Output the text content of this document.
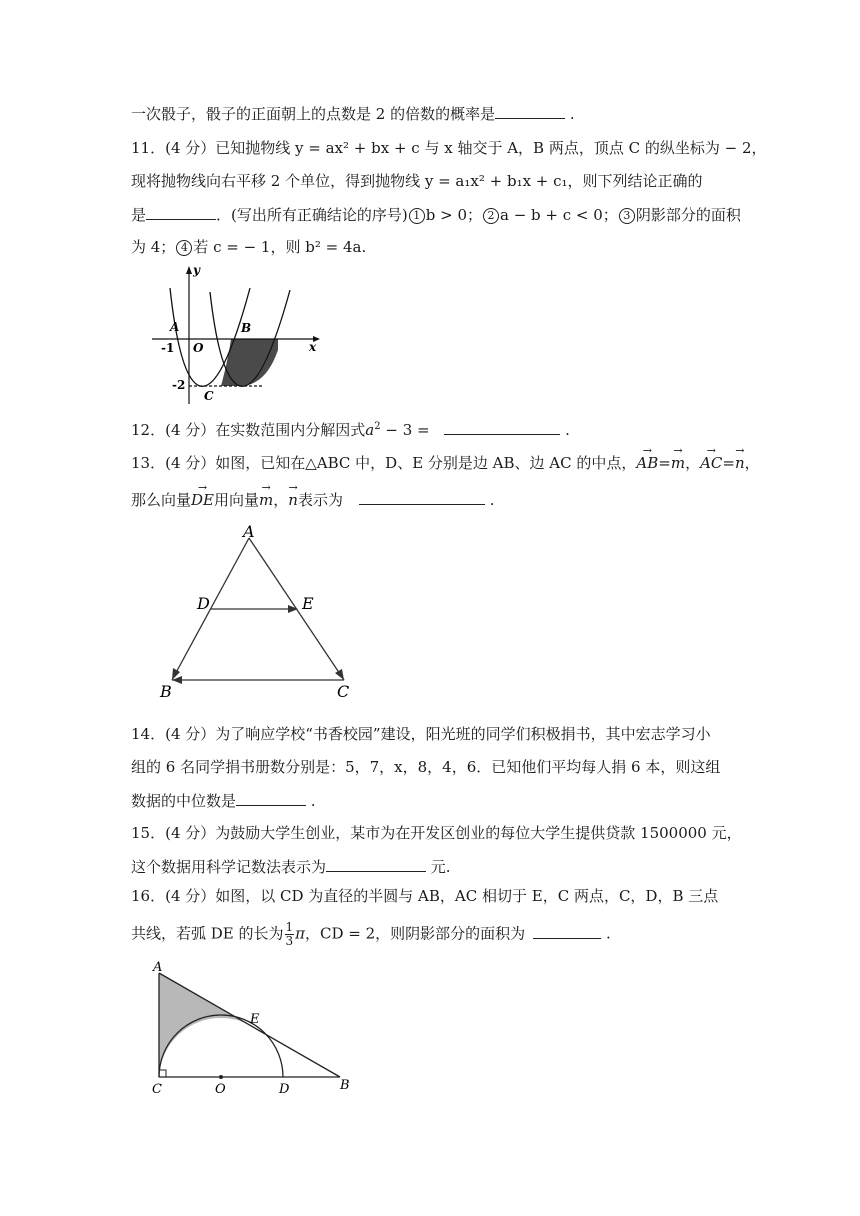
一次骰子，骰子的正面朝上的点数是 2 的倍数的概率是	.
11．(4 分）已知抛物线 y = ax² + bx + c 与 x 轴交于 A，B 两点，顶点 C 的纵坐标为 − 2，
现将抛物线向右平移 2 个单位，得到抛物线 y = a₁x² + b₁x + c₁，则下列结论正确的
是	．(写出所有正确结论的序号) 1 b > 0； 2 a − b + c < 0； 3 阴影部分的面积
为 4； 4 若 c = − 1，则 b² = 4a.
y
x
A	B
O
C
-1
-2
12．(4 分）在实数范围内分解因式$a^2 - 3$ =	.
13．(4 分）如图，已知在△ABC 中，D、E 分别是边 AB、边 AC 的中点，→ AB=→ m，→ AC=→ n，
那么向量→ DE用向量→ m，→ n表示为	.
A
D	E
B	C
14．(4 分）为了响应学校“书香校园”建设，阳光班的同学们积极捐书，其中宏志学习小
组的 6 名同学捐书册数分别是：5，7，x，8，4，6．已知他们平均每人捐 6 本，则这组
数据的中位数是	.
15．(4 分）为鼓励大学生创业，某市为在开发区创业的每位大学生提供贷款 1500000 元，
这个数据用科学记数法表示为	元.
16．(4 分）如图，以 CD 为直径的半圆与 AB，AC 相切于 E，C 两点，C，D，B 三点
共线，若弧 DE 的长为 $\frac{1}{3}$ π，CD = 2，则阴影部分的面积为	.
A
E
C	O	D	B
